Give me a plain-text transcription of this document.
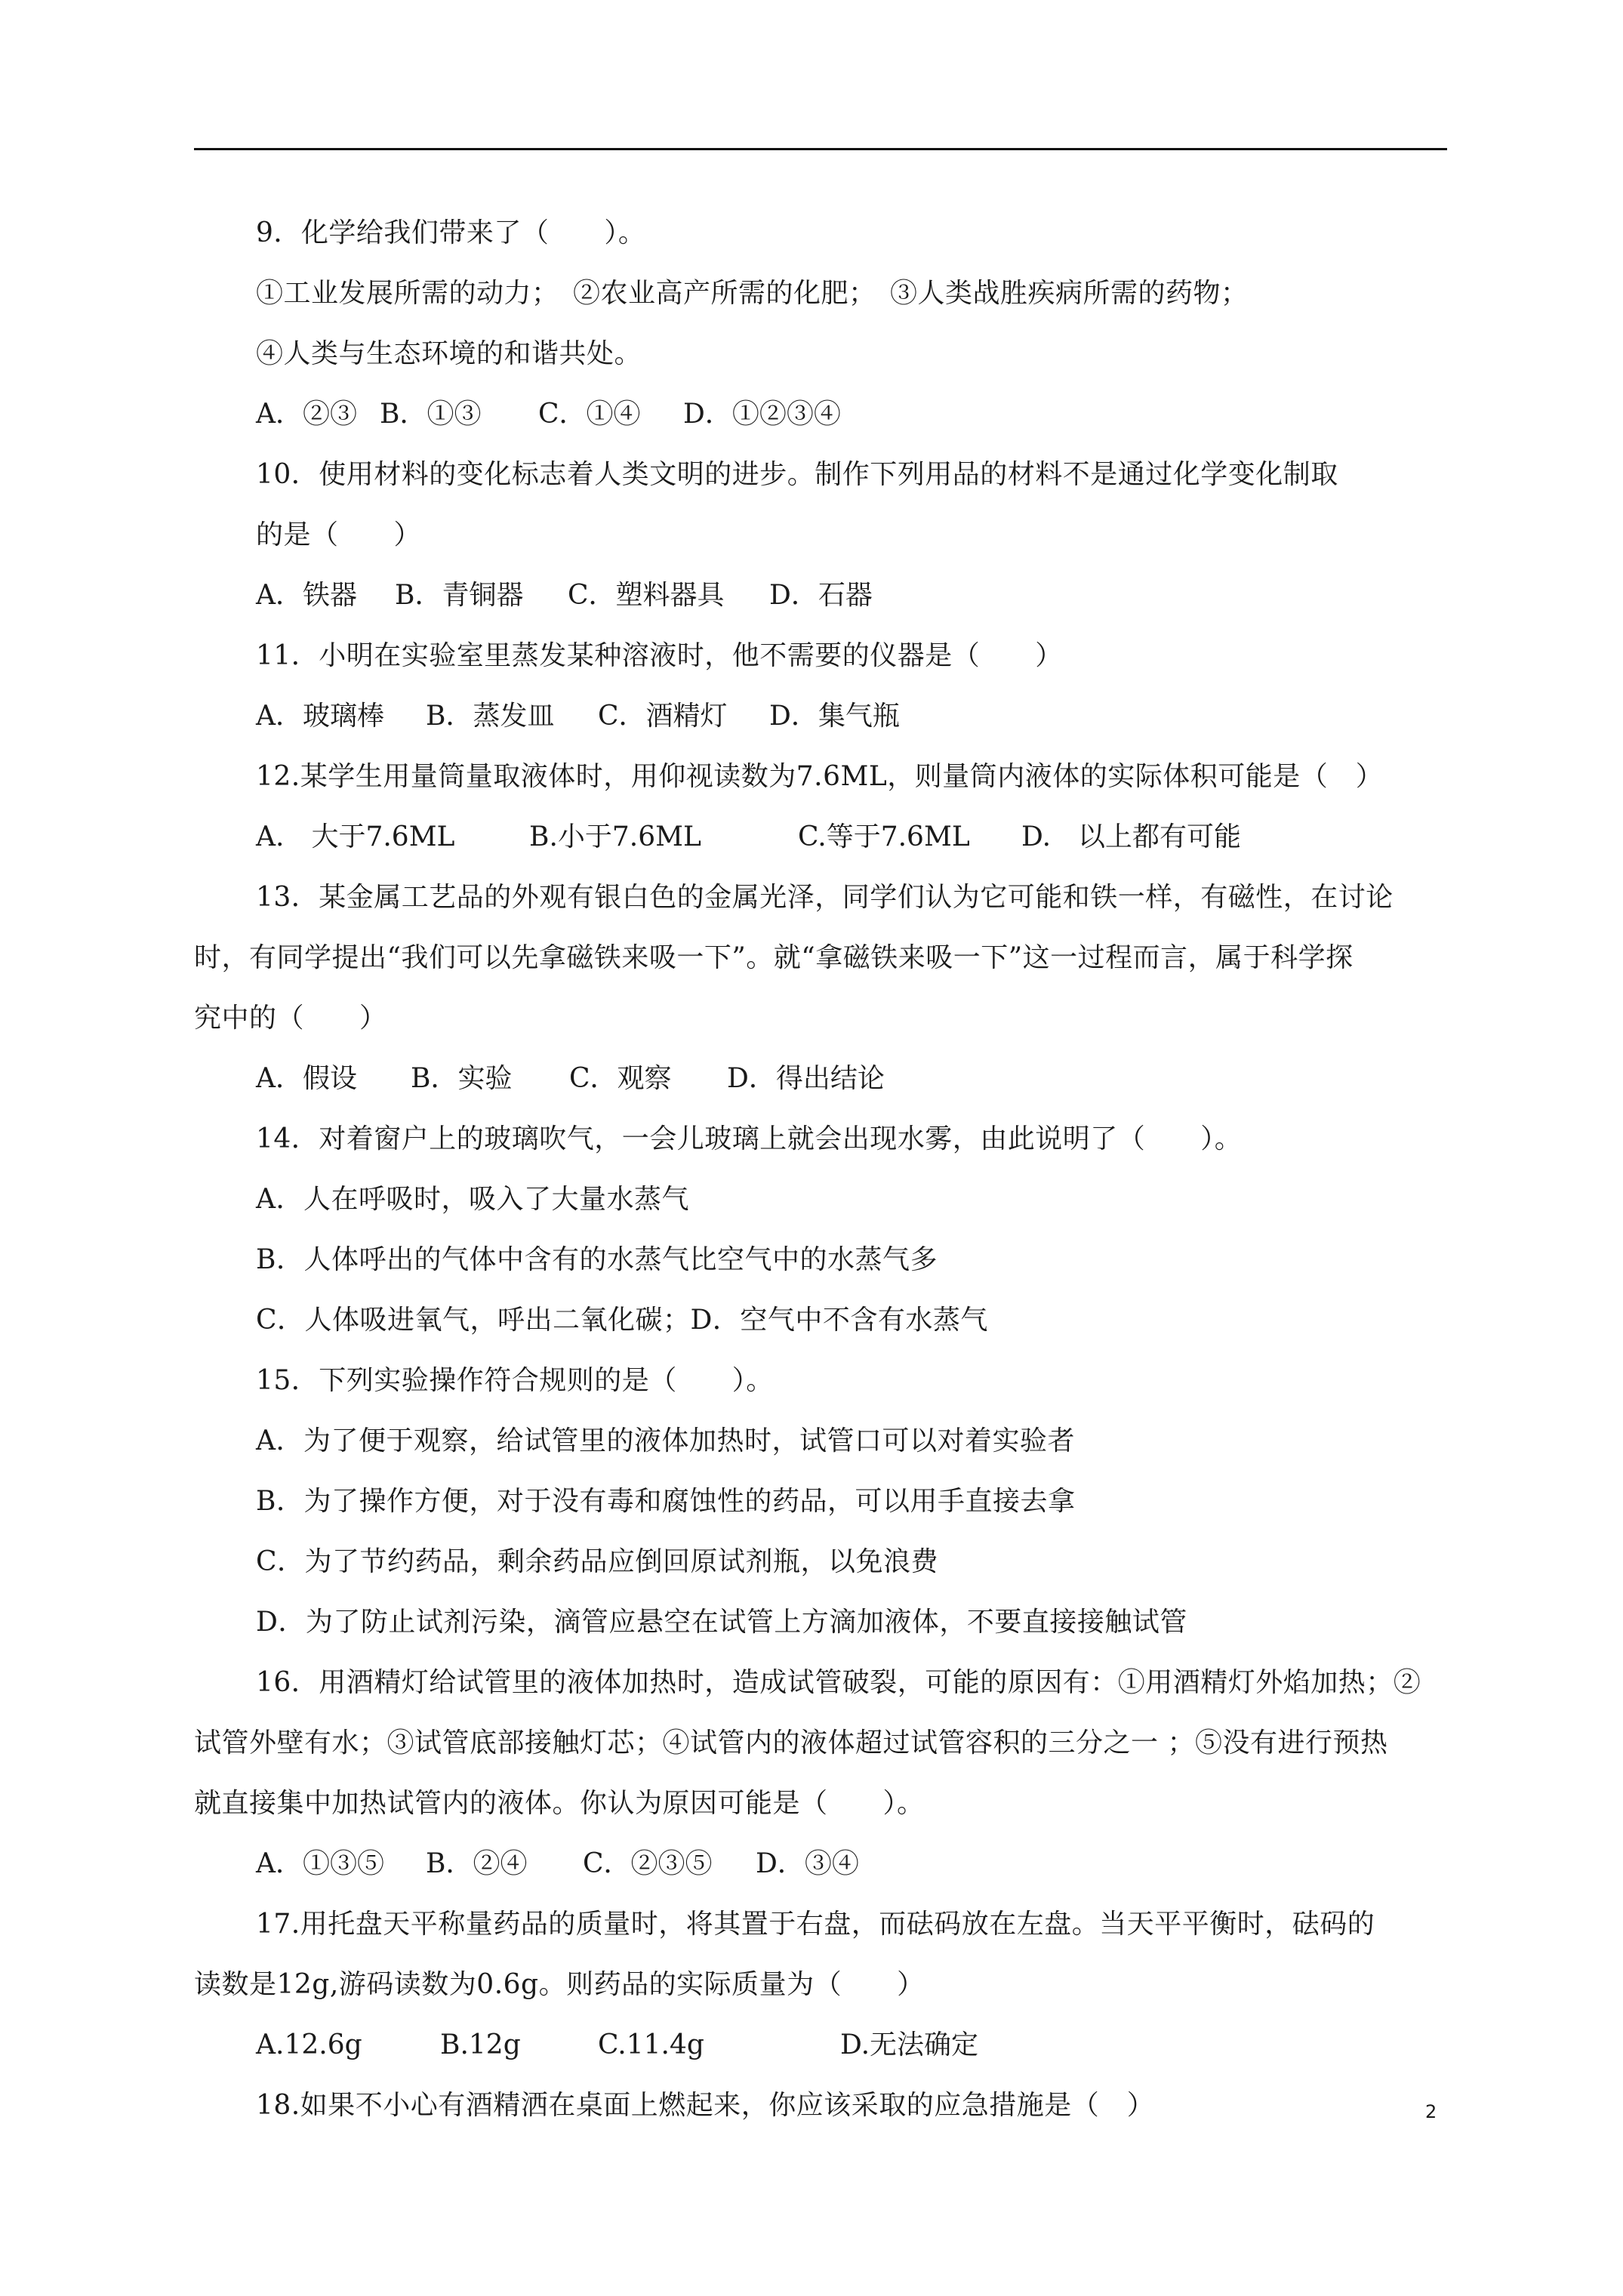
9．化学给我们带来了（　　）。
①工业发展所需的动力；　②农业高产所需的化肥；　③人类战胜疾病所需的药物；
④人类与生态环境的和谐共处。
A．②③ B．①③ C．①④ D．①②③④
10．使用材料的变化标志着人类文明的进步。制作下列用品的材料不是通过化学变化制取
的是（　　）
A．铁器 B．青铜器 C．塑料器具 D．石器
11．小明在实验室里蒸发某种溶液时，他不需要的仪器是（　　）
A．玻璃棒 B．蒸发皿 C．酒精灯 D．集气瓶
12.某学生用量筒量取液体时，用仰视读数为7.6ML，则量筒内液体的实际体积可能是（　）
A.　大于7.6ML	B.小于7.6ML	C.等于7.6ML D.　以上都有可能
13．某金属工艺品的外观有银白色的金属光泽，同学们认为它可能和铁一样，有磁性，在讨论
时，有同学提出“我们可以先拿磁铁来吸一下”。就“拿磁铁来吸一下”这一过程而言，属于科学探
究中的（　　）
A．假设 B．实验 C．观察 D．得出结论
14．对着窗户上的玻璃吹气，一会儿玻璃上就会出现水雾，由此说明了（　　）。
A．人在呼吸时，吸入了大量水蒸气
B．人体呼出的气体中含有的水蒸气比空气中的水蒸气多
C．人体吸进氧气，呼出二氧化碳；D．空气中不含有水蒸气
15．下列实验操作符合规则的是（　　）。
A．为了便于观察，给试管里的液体加热时，试管口可以对着实验者
B．为了操作方便，对于没有毒和腐蚀性的药品，可以用手直接去拿
C．为了节约药品，剩余药品应倒回原试剂瓶，以免浪费
D．为了防止试剂污染，滴管应悬空在试管上方滴加液体，不要直接接触试管
16．用酒精灯给试管里的液体加热时，造成试管破裂，可能的原因有：①用酒精灯外焰加热；②
试管外壁有水；③试管底部接触灯芯；④试管内的液体超过试管容积的三分之一 ；⑤没有进行预热
就直接集中加热试管内的液体。你认为原因可能是（　　）。
A．①③⑤ B．②④ C．②③⑤ D．③④
17.用托盘天平称量药品的质量时，将其置于右盘，而砝码放在左盘。当天平平衡时，砝码的
读数是12g,游码读数为0.6g。则药品的实际质量为（　　）
A.12.6g	B.12g	C.11.4g	D.无法确定
18.如果不小心有酒精洒在桌面上燃起来，你应该采取的应急措施是（　）	2
